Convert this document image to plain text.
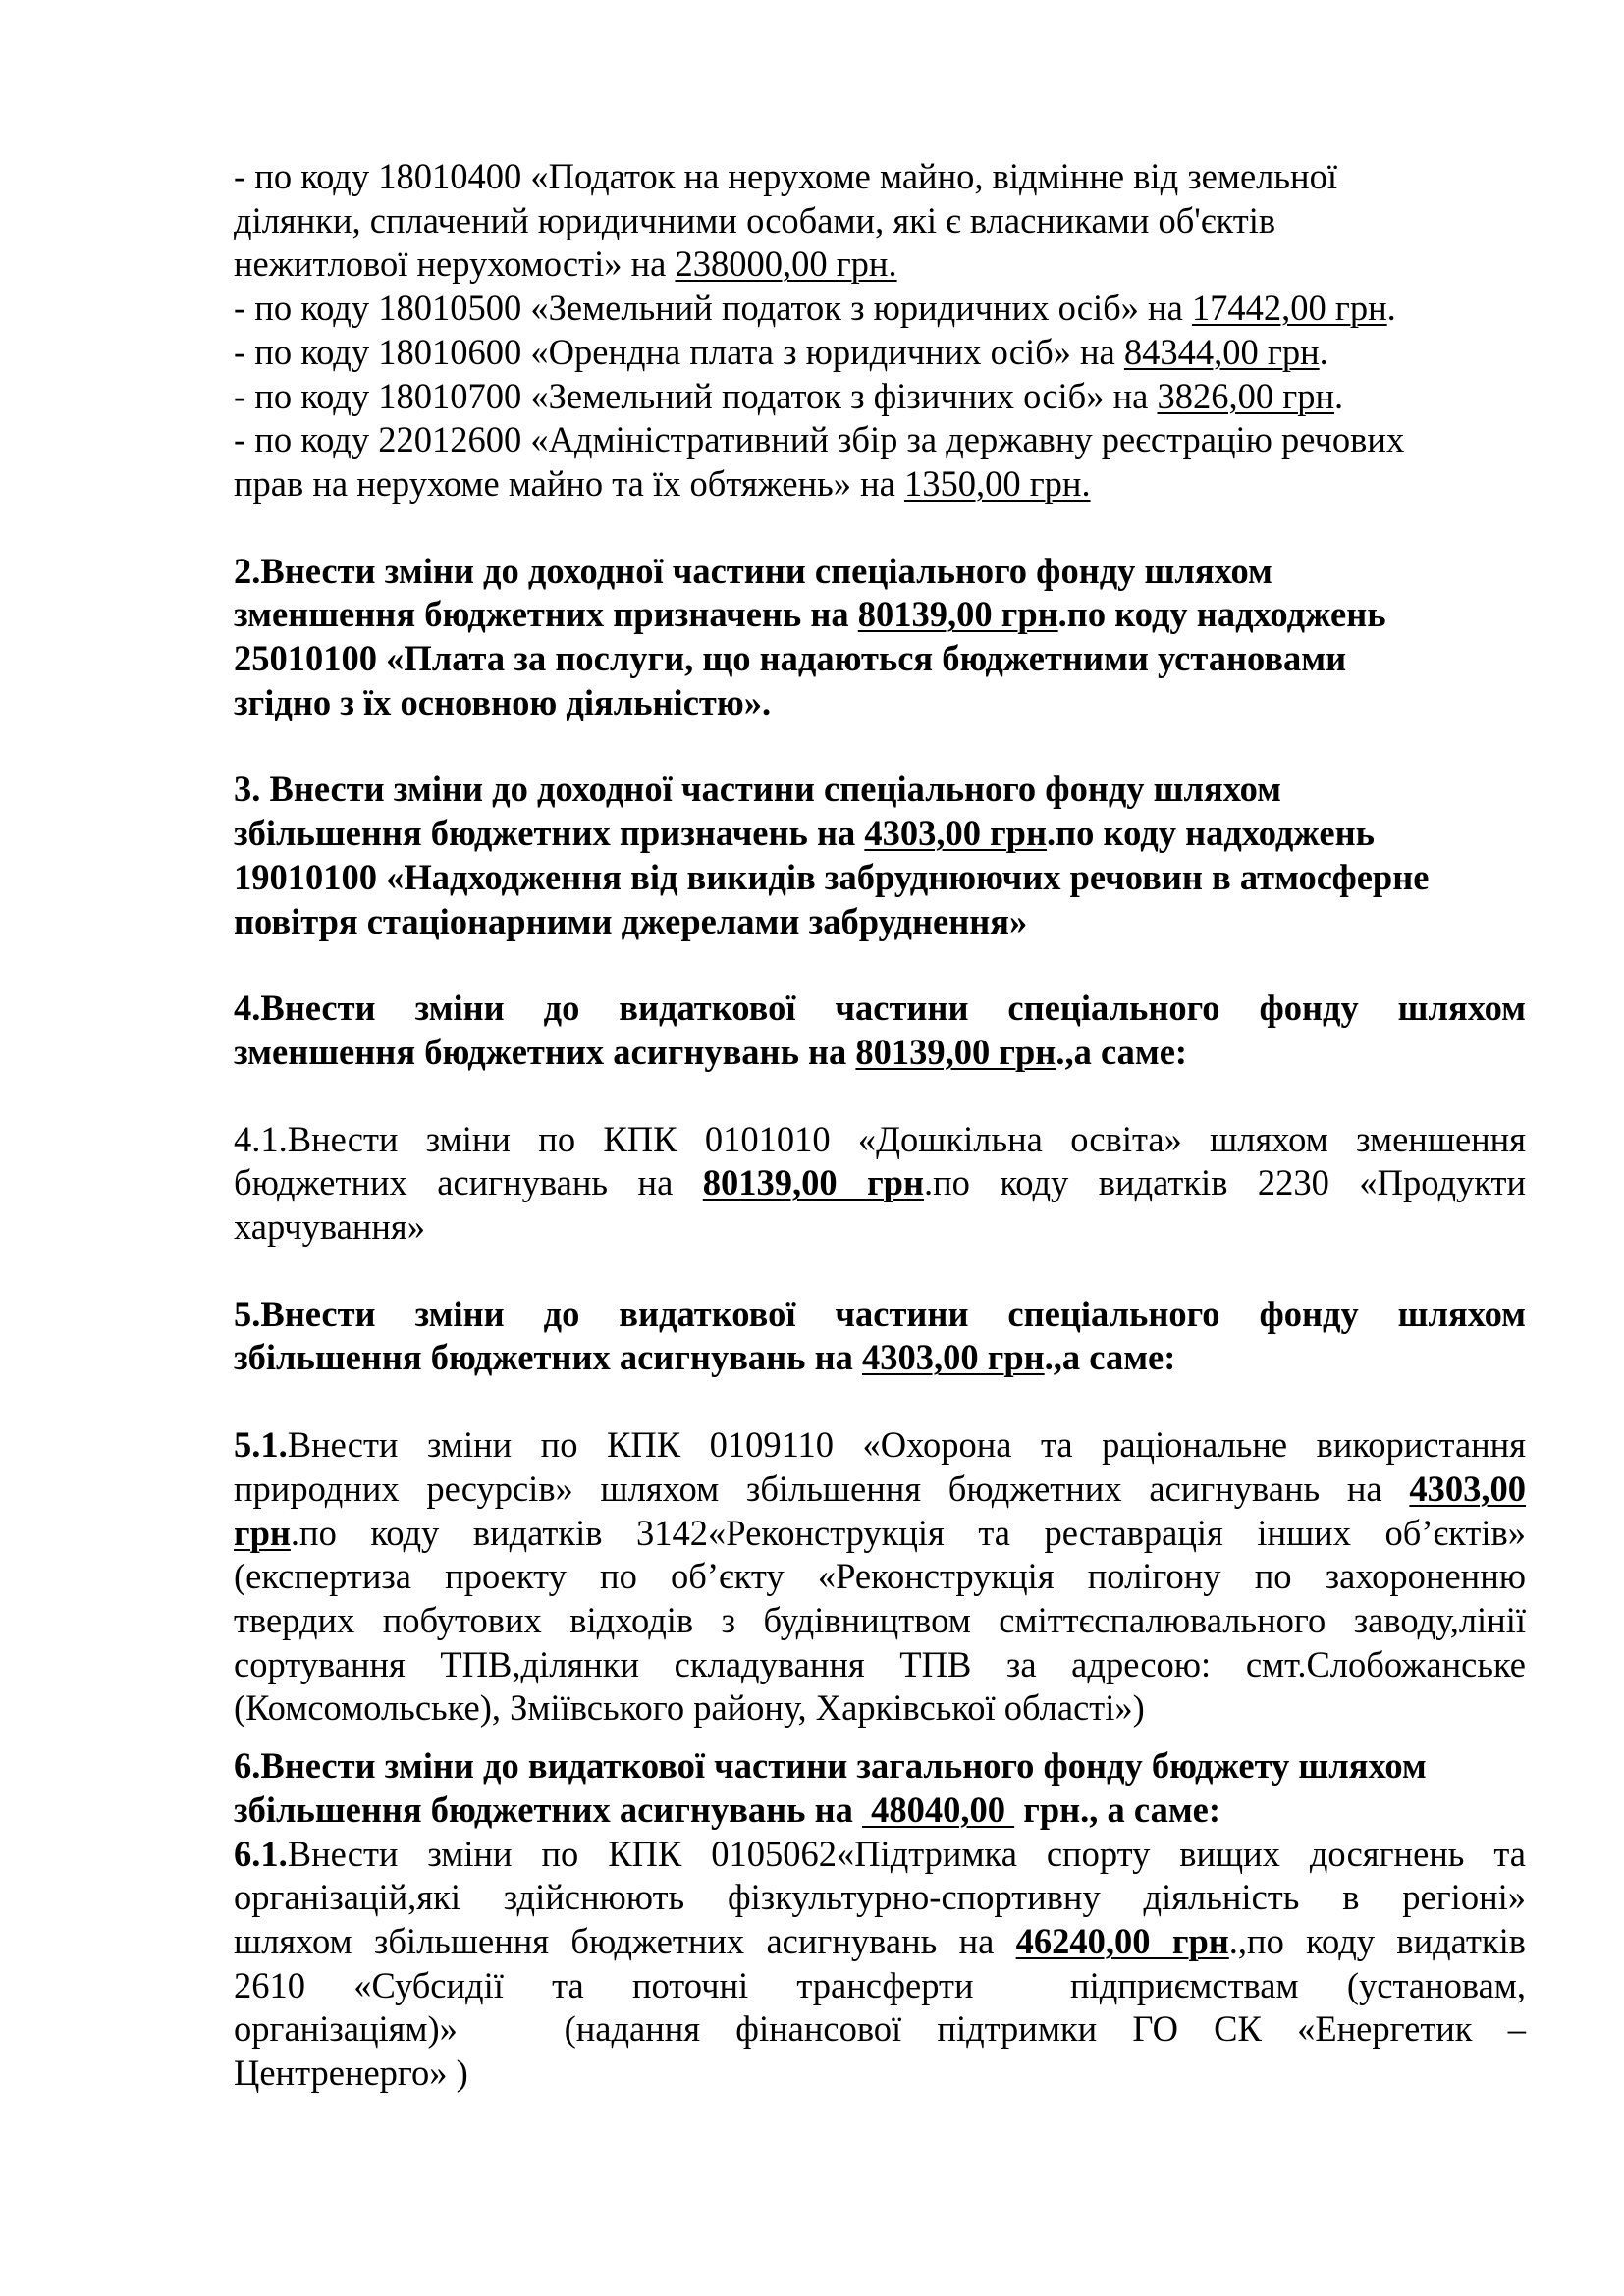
- по коду 18010400 «Податок на нерухоме майно, відмінне від земельної
ділянки, сплачений юридичними особами, які є власниками об'єктів
нежитлової нерухомості» на 238000,00 грн.
- по коду 18010500 «Земельний податок з юридичних осіб» на 17442,00 грн.
- по коду 18010600 «Орендна плата з юридичних осіб» на 84344,00 грн.
- по коду 18010700 «Земельний податок з фізичних осіб» на 3826,00 грн.
- по коду 22012600 «Адміністративний збір за державну реєстрацію речових
прав на нерухоме майно та їх обтяжень» на 1350,00 грн.
2.Внести зміни до доходної частини спеціального фонду шляхом
зменшення бюджетних призначень на 80139,00 грн.по коду надходжень
25010100 «Плата за послуги, що надаються бюджетними установами
згідно з їх основною діяльністю».
3. Внести зміни до доходної частини спеціального фонду шляхом
збільшення бюджетних призначень на 4303,00 грн.по коду надходжень
19010100 «Надходження від викидів забруднюючих речовин в атмосферне
повітря стаціонарними джерелами забруднення»
4.Внести зміни до видаткової частини спеціального фонду шляхом
зменшення бюджетних асигнувань на 80139,00 грн.,а саме:
4.1.Внести зміни по КПК 0101010 «Дошкільна освіта» шляхом зменшення
бюджетних асигнувань на 80139,00 грн.по коду видатків 2230 «Продукти
харчування»
5.Внести зміни до видаткової частини спеціального фонду шляхом
збільшення бюджетних асигнувань на 4303,00 грн.,а саме:
5.1.Внести зміни по КПК 0109110 «Охорона та раціональне використання
природних ресурсів» шляхом збільшення бюджетних асигнувань на 4303,00
грн.по коду видатків 3142«Реконструкція та реставрація інших об’єктів»
(експертиза проекту по об’єкту «Реконструкція полігону по захороненню
твердих побутових відходів з будівництвом сміттєспалювального заводу,лінії
сортування ТПВ,ділянки складування ТПВ за адресою: смт.Слобожанське
(Комсомольське), Зміївського району, Харківської області»)
6.Внести зміни до видаткової частини загального фонду бюджету шляхом
збільшення бюджетних асигнувань на  48040,00  грн., а саме:
6.1.Внести зміни по КПК 0105062«Підтримка спорту вищих досягнень та
організацій,які здійснюють фізкультурно-спортивну діяльність в регіоні»
шляхом збільшення бюджетних асигнувань на 46240,00 грн.,по коду видатків
2610  «Субсидії  та  поточні  трансферти    підприємствам  (установам,
організаціям)»   (надання фінансової підтримки ГО СК «Енергетик –
Центренерго» )
